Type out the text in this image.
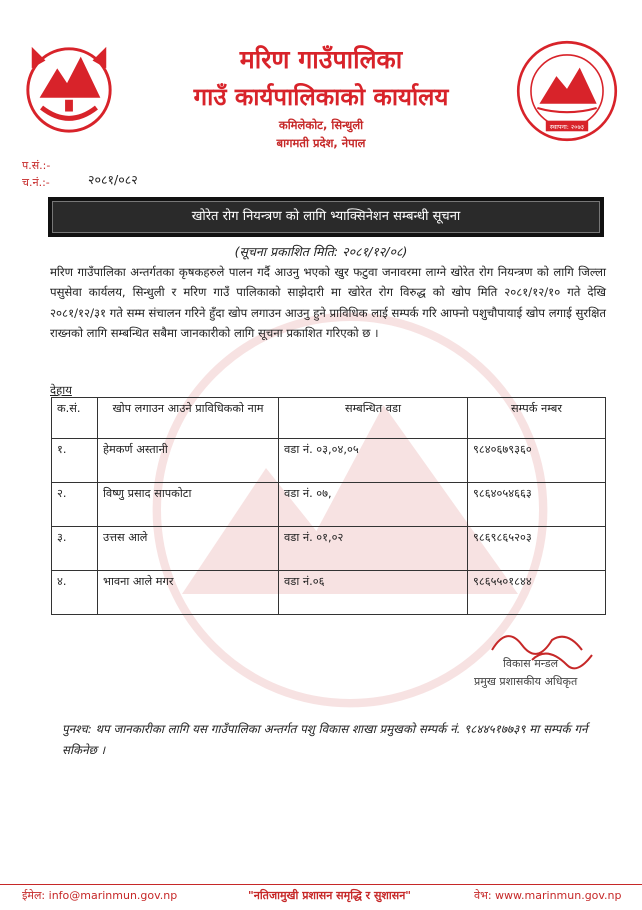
स्थापना: २०७३
मरिण गाउँपालिका
गाउँ कार्यपालिकाको कार्यालय
कमिलेकोट, सिन्धुली
बागमती प्रदेश, नेपाल
प.सं.:-
च.नं.:-	२०८१/०८२
खोरेत रोग नियन्त्रण को लागि भ्याक्सिनेशन सम्बन्धी सूचना
(सूचना प्रकाशित मिति: २०८१/१२/०८)
मरिण गाउँपालिका अन्तर्गतका कृषकहरुले पालन गर्दै आउनु भएको खुर फटुवा जनावरमा लाग्ने खोरेत रोग नियन्त्रण को लागि जिल्ला पसुसेवा कार्यलय, सिन्धुली र मरिण गाउँ पालिकाको साझेदारी मा खोरेत रोग विरुद्ध को खोप मिति २०८१/१२/१० गते देखि २०८१/१२/३१ गते सम्म संचालन गरिने हुँदा खोप लगाउन आउनु हुने प्राविधिक लाई सम्पर्क गरि आफ्नो पशुचौपायाई खोप लगाई सुरक्षित राख्नको लागि सम्बन्धित सबैमा जानकारीको लागि सूचना प्रकाशित गरिएको छ ।
देहाय
क.सं.	खोप लगाउन आउने प्राविधिकको नाम	सम्बन्धित वडा	सम्पर्क नम्बर
१.	हेमकर्ण अस्तानी	वडा नं. ०३,०४,०५	९८४०६७९३६०
२.	विष्णु प्रसाद सापकोटा	वडा नं. ०७,	९८६४०५४६६३
३.	उत्तस आले	वडा नं. ०१,०२	९८६९८६५२०३
४.	भावना आले मगर	वडा नं.०६	९८६५५०१८४४
विकास मन्डल
प्रमुख प्रशासकीय अधिकृत
पुनश्च: थप जानकारीका लागि यस गाउँपालिका अन्तर्गत पशु विकास शाखा प्रमुखको सम्पर्क नं. ९८४४५१७७३९ मा सम्पर्क गर्न सकिनेछ ।
ईमेल: info@marinmun.gov.np	"नतिजामुखी प्रशासन समृद्धि र सुशासन"	वेभ: www.marinmun.gov.np
